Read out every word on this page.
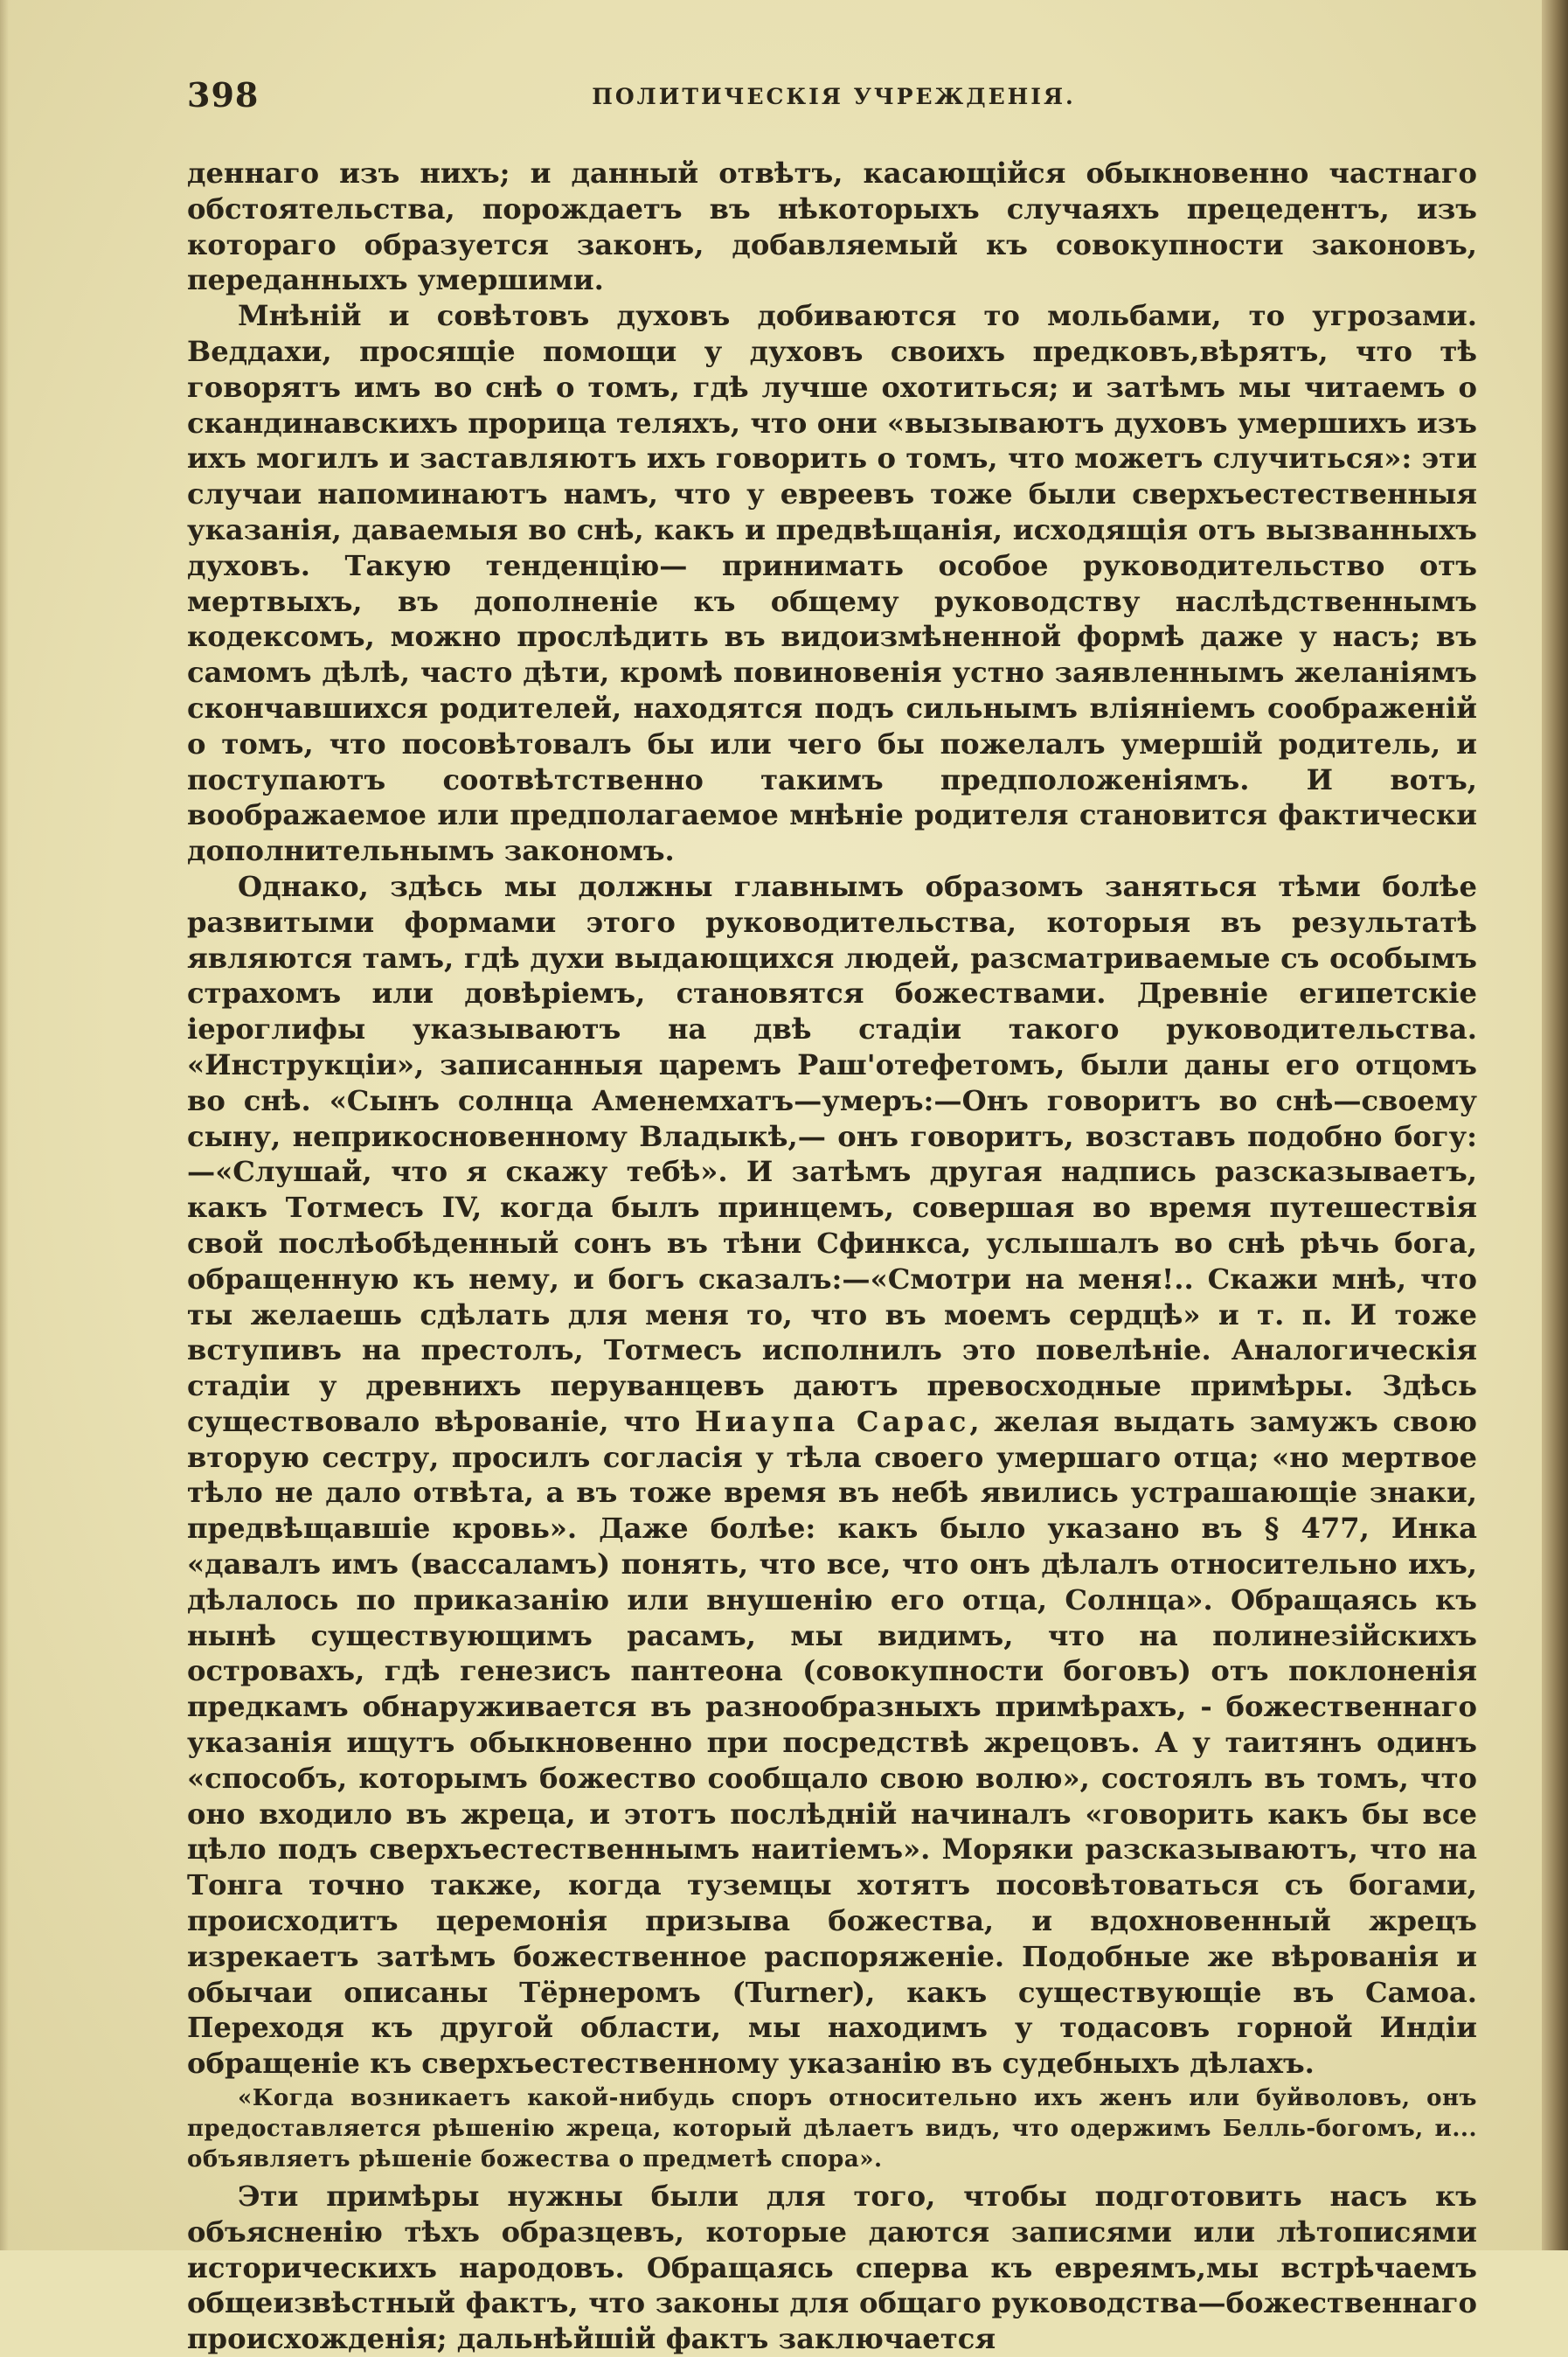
398	ПОЛИТИЧЕСКІЯ УЧРЕЖДЕНІЯ.

деннаго изъ нихъ; и данный отвѣтъ, касающійся обыкновенно частнаго обстоятельства, порождаетъ въ нѣкоторыхъ случаяхъ прецедентъ, изъ котораго образуется законъ, добавляемый къ совокупности законовъ, переданныхъ умершими.

Мнѣній и совѣтовъ духовъ добиваются то мольбами, то угрозами. Веддахи, просящіе помощи у духовъ своихъ предковъ,вѣрятъ, что тѣ говорятъ имъ во снѣ о томъ, гдѣ лучше охотиться; и затѣмъ мы читаемъ о скандинавскихъ прорица теляхъ, что они «вызываютъ духовъ умершихъ изъ ихъ могилъ и заставляютъ ихъ говорить о томъ, что можетъ случиться»: эти случаи напоминаютъ намъ, что у евреевъ тоже были сверхъестественныя указанія, даваемыя во снѣ, какъ и предвѣщанія, исходящія отъ вызванныхъ духовъ. Такую тенденцію— принимать особое руководительство отъ мертвыхъ, въ дополненіе къ общему руководству наслѣдственнымъ кодексомъ, можно прослѣдить въ видоизмѣненной формѣ даже у насъ; въ самомъ дѣлѣ, часто дѣти, кромѣ повиновенія устно заявленнымъ желаніямъ скончавшихся родителей, находятся подъ сильнымъ вліяніемъ соображеній о томъ, что посовѣтовалъ бы или чего бы пожелалъ умершій родитель, и поступаютъ соотвѣтственно такимъ предположеніямъ. И вотъ, воображаемое или предполагаемое мнѣніе родителя становится фактически дополнительнымъ закономъ.

Однако, здѣсь мы должны главнымъ образомъ заняться тѣми болѣе развитыми формами этого руководительства, которыя въ результатѣ являются тамъ, гдѣ духи выдающихся людей, разсматриваемые съ особымъ страхомъ или довѣріемъ, становятся божествами. Древніе египетскіе іероглифы указываютъ на двѣ стадіи такого руководительства. «Инструкціи», записанныя царемъ Раш'отефетомъ, были даны его отцомъ во снѣ. «Сынъ солнца Аменемхатъ—умеръ:—Онъ говоритъ во снѣ—своему сыну, неприкосновенному Владыкѣ,— онъ говоритъ, возставъ подобно богу:—«Слушай, что я скажу тебѣ». И затѣмъ другая надпись разсказываетъ, какъ Тотмесъ IV, когда былъ принцемъ, совершая во время путешествія свой послѣобѣденный сонъ въ тѣни Сфинкса, услышалъ во снѣ рѣчь бога, обращенную къ нему, и богъ сказалъ:—«Смотри на меня!.. Скажи мнѣ, что ты желаешь сдѣлать для меня то, что въ моемъ сердцѣ» и т. п. И тоже вступивъ на престолъ, Тотмесъ исполнилъ это повелѣніе. Аналогическія стадіи у древнихъ перуванцевъ даютъ превосходные примѣры. Здѣсь существовало вѣрованіе, что Ниаупа Сарас, желая выдать замужъ свою вторую сестру, просилъ согласія у тѣла своего умершаго отца; «но мертвое тѣло не дало отвѣта, а въ тоже время въ небѣ явились устрашающіе знаки, предвѣщавшіе кровь». Даже болѣе: какъ было указано въ § 477, Инка «давалъ имъ (вассаламъ) понять, что все, что онъ дѣлалъ относительно ихъ, дѣлалось по приказанію или внушенію его отца, Солнца». Обращаясь къ нынѣ существующимъ расамъ, мы видимъ, что на полинезійскихъ островахъ, гдѣ генезисъ пантеона (совокупности боговъ) отъ поклоненія предкамъ обнаруживается въ разнообразныхъ примѣрахъ, - божественнаго указанія ищутъ обыкновенно при посредствѣ жрецовъ. А у таитянъ одинъ «способъ, которымъ божество сообщало свою волю», состоялъ въ томъ, что оно входило въ жреца, и этотъ послѣдній начиналъ «говорить какъ бы все цѣло подъ сверхъестественнымъ наитіемъ». Моряки разсказываютъ, что на Тонга точно также, когда туземцы хотятъ посовѣтоваться съ богами, происходитъ церемонія призыва божества, и вдохновенный жрецъ изрекаетъ затѣмъ божественное распоряженіе. Подобные же вѣрованія и обычаи описаны Тёрнеромъ (Turner), какъ существующіе въ Самоа. Переходя къ другой области, мы находимъ у тодасовъ горной Индіи обращеніе къ сверхъестественному указанію въ судебныхъ дѣлахъ.

«Когда возникаетъ какой-нибудь споръ относительно ихъ женъ или буйволовъ, онъ предоставляется рѣшенію жреца, который дѣлаетъ видъ, что одержимъ Белль-богомъ, и... объявляетъ рѣшеніе божества о предметѣ спора».

Эти примѣры нужны были для того, чтобы подготовить насъ къ объясненію тѣхъ образцевъ, которые даются записями или лѣтописями историческихъ народовъ. Обращаясь сперва къ евреямъ,мы встрѣчаемъ общеизвѣстный фактъ, что законы для общаго руководства—божественнаго происхожденія; дальнѣйшій фактъ заключается
